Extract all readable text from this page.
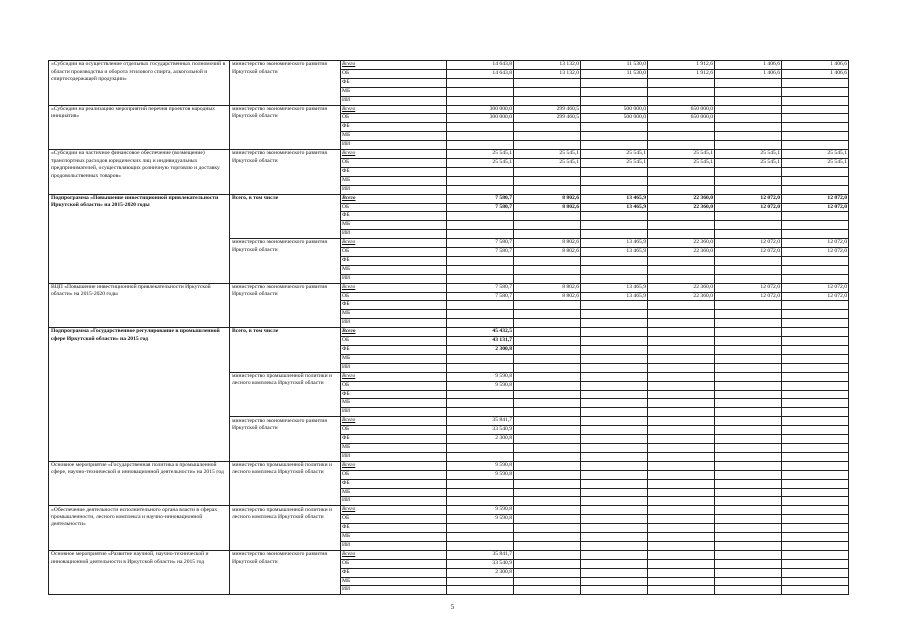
«Субсидии на осуществление отдельных государственных полномочий в области производства и оборота этилового спирта, алкогольной и спиртосодержащей продукции»	министерство экономического развития Иркутской области	Всего	14 643,8	13 132,0	11 530,0	1 912,6	1 406,6	1 406,6
		ОБ	14 643,8	13 132,0	11 530,0	1 912,6	1 406,6	1 406,6
		ФБ						
		МБ						
		ИИ						
«Субсидии на реализацию мероприятий перечня проектов народных инициатив»	министерство экономического развития Иркутской области	Всего	300 000,0	299 460,5	500 000,0	650 000,0		
		ОБ	300 000,0	299 460,5	500 000,0	650 000,0		
		ФБ						
		МБ						
		ИИ						
«Субсидии на частичное финансовое обеспечение (возмещение) транспортных расходов юридических лиц и индивидуальных предпринимателей, осуществляющих розничную торговлю и доставку продовольственных товаров»	министерство экономического развития Иркутской области	Всего	25 545,1	25 545,1	25 545,1	25 545,1	25 545,1	25 545,1
		ОБ	25 545,1	25 545,1	25 545,1	25 545,1	25 545,1	25 545,1
		ФБ						
		МБ						
		ИИ						
Подпрограмма «Повышение инвестиционной привлекательности Иркутской области» на 2015-2020 годы	Всего, в том числе	Всего	7 580,7	8 802,6	13 465,9	22 360,0	12 072,0	12 072,0
		ОБ	7 580,7	8 802,6	13 465,9	22 360,0	12 072,0	12 072,0
		ФБ						
		МБ						
		ИИ						
	министерство экономического развития Иркутской области	Всего	7 580,7	8 802,6	13 465,9	22 360,0	12 072,0	12 072,0
		ОБ	7 580,7	8 802,6	13 465,9	22 360,0	12 072,0	12 072,0
		ФБ						
		МБ						
		ИИ						
ВЦП «Повышение инвестиционной привлекательности Иркутской области» на 2015-2020 годы	министерство экономического развития Иркутской области	Всего	7 580,7	8 802,6	13 465,9	22 360,0	12 072,0	12 072,0
		ОБ	7 580,7	8 802,6	13 465,9	22 360,0	12 072,0	12 072,0
		ФБ						
		МБ						
		ИИ						
Подпрограмма «Государственное регулирование в промышленной сфере Иркутской области» на 2015 год	Всего, в том числе	Всего	45 432,5					
		ОБ	43 131,7					
		ФБ	2 300,8					
		МБ						
		ИИ						
	министерство промышленной политики и лесного комплекса Иркутской области	Всего	9 590,8					
		ОБ	9 590,8					
		ФБ						
		МБ						
		ИИ						
	министерство экономического развития Иркутской области	Всего	35 841,7					
		ОБ	33 540,9					
		ФБ	2 300,8					
		МБ						
		ИИ						
Основное мероприятие «Государственная политика в промышленной сфере, научно-технической и инновационной деятельности» на 2015 год	министерство промышленной политики и лесного комплекса Иркутской области	Всего	9 590,8					
		ОБ	9 590,8					
		ФБ						
		МБ						
		ИИ						
«Обеспечение деятельности исполнительного органа власти в сферах промышленности, лесного комплекса и научно-инновационной деятельности»	министерство промышленной политики и лесного комплекса Иркутской области	Всего	9 590,8					
		ОБ	9 590,8					
		ФБ						
		МБ						
		ИИ						
Основное мероприятие «Развитие научной, научно-технической и инновационной деятельности в Иркутской области» на 2015 год	министерство экономического развития Иркутской области	Всего	35 841,7					
		ОБ	33 540,9					
		ФБ	2 300,8					
		МБ						
		ИИ						
5
